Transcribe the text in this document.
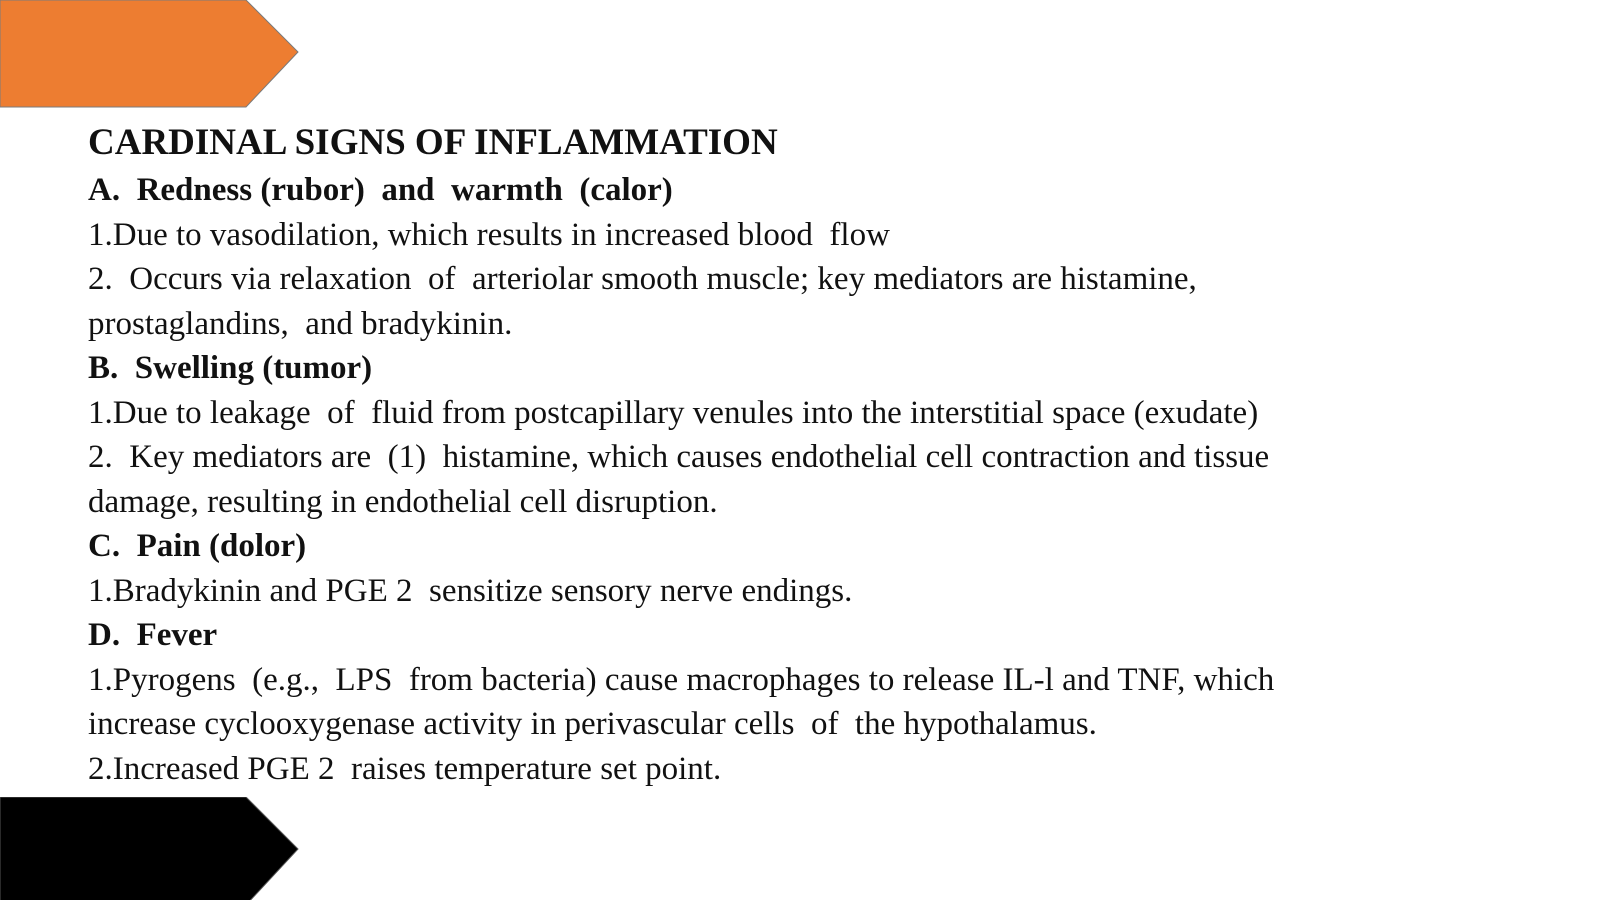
CARDINAL SIGNS OF INFLAMMATION
A.  Redness (rubor)  and  warmth  (calor)
1.Due to vasodilation, which results in increased blood  flow
2.  Occurs via relaxation  of  arteriolar smooth muscle; key mediators are histamine,
prostaglandins,  and bradykinin.
B.  Swelling (tumor)
1.Due to leakage  of  fluid from postcapillary venules into the interstitial space (exudate)
2.  Key mediators are  (1)  histamine, which causes endothelial cell contraction and tissue
damage, resulting in endothelial cell disruption.
C.  Pain (dolor)
1.Bradykinin and PGE 2  sensitize sensory nerve endings.
D.  Fever
1.Pyrogens  (e.g.,  LPS  from bacteria) cause macrophages to release IL-l and TNF, which
increase cyclooxygenase activity in perivascular cells  of  the hypothalamus.
2.Increased PGE 2  raises temperature set point.
